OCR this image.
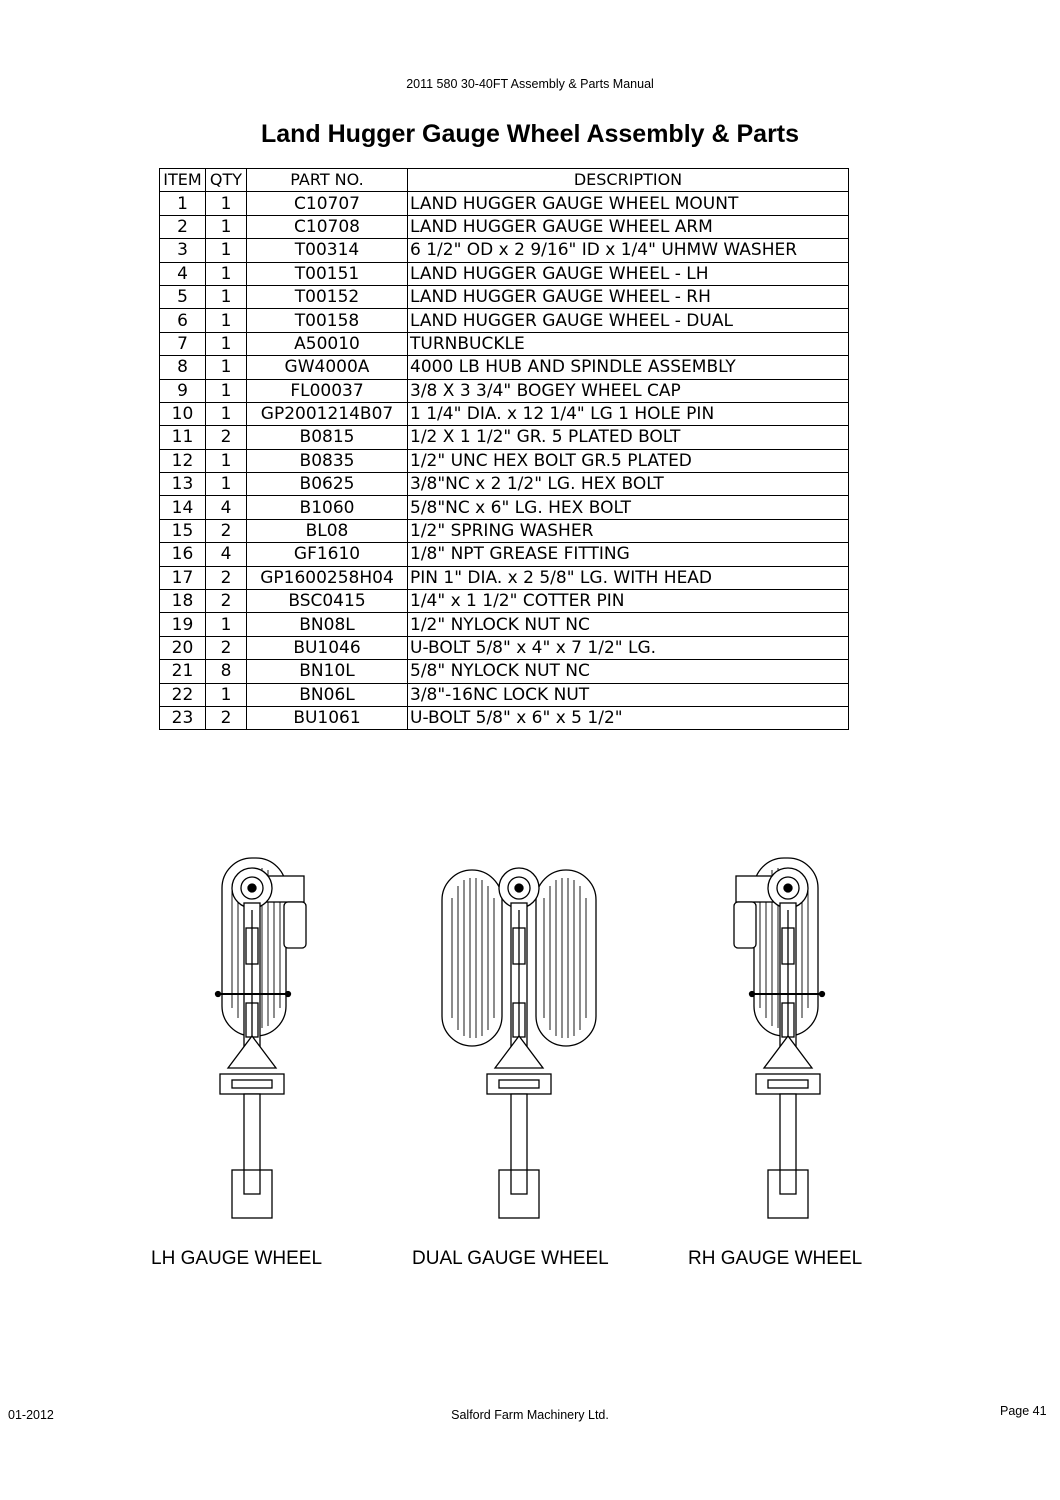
2011 580 30-40FT Assembly & Parts Manual
Land Hugger Gauge Wheel Assembly & Parts
ITEM	QTY	PART NO.	DESCRIPTION
1	1	C10707	LAND HUGGER GAUGE WHEEL MOUNT
2	1	C10708	LAND HUGGER GAUGE WHEEL ARM
3	1	T00314	6 1/2" OD x 2 9/16" ID x 1/4" UHMW WASHER
4	1	T00151	LAND HUGGER GAUGE WHEEL - LH
5	1	T00152	LAND HUGGER GAUGE WHEEL - RH
6	1	T00158	LAND HUGGER GAUGE WHEEL - DUAL
7	1	A50010	TURNBUCKLE
8	1	GW4000A	4000 LB HUB AND SPINDLE ASSEMBLY
9	1	FL00037	3/8 X 3 3/4" BOGEY WHEEL CAP
10	1	GP2001214B07	1 1/4" DIA. x 12 1/4" LG 1 HOLE PIN
11	2	B0815	1/2 X 1 1/2" GR. 5 PLATED BOLT
12	1	B0835	1/2" UNC HEX BOLT GR.5 PLATED
13	1	B0625	3/8"NC x 2 1/2" LG. HEX BOLT
14	4	B1060	5/8"NC x 6" LG. HEX BOLT
15	2	BL08	1/2" SPRING WASHER
16	4	GF1610	1/8" NPT GREASE FITTING
17	2	GP1600258H04	PIN 1" DIA. x 2 5/8" LG. WITH HEAD
18	2	BSC0415	1/4" x 1 1/2" COTTER PIN
19	1	BN08L	1/2" NYLOCK NUT NC
20	2	BU1046	U-BOLT 5/8" x 4" x 7 1/2" LG.
21	8	BN10L	5/8" NYLOCK NUT NC
22	1	BN06L	3/8"-16NC LOCK NUT
23	2	BU1061	U-BOLT 5/8" x 6" x 5 1/2"
LH GAUGE WHEEL	DUAL GAUGE WHEEL	RH GAUGE WHEEL
01-2012	Salford Farm Machinery Ltd.	Page 41
